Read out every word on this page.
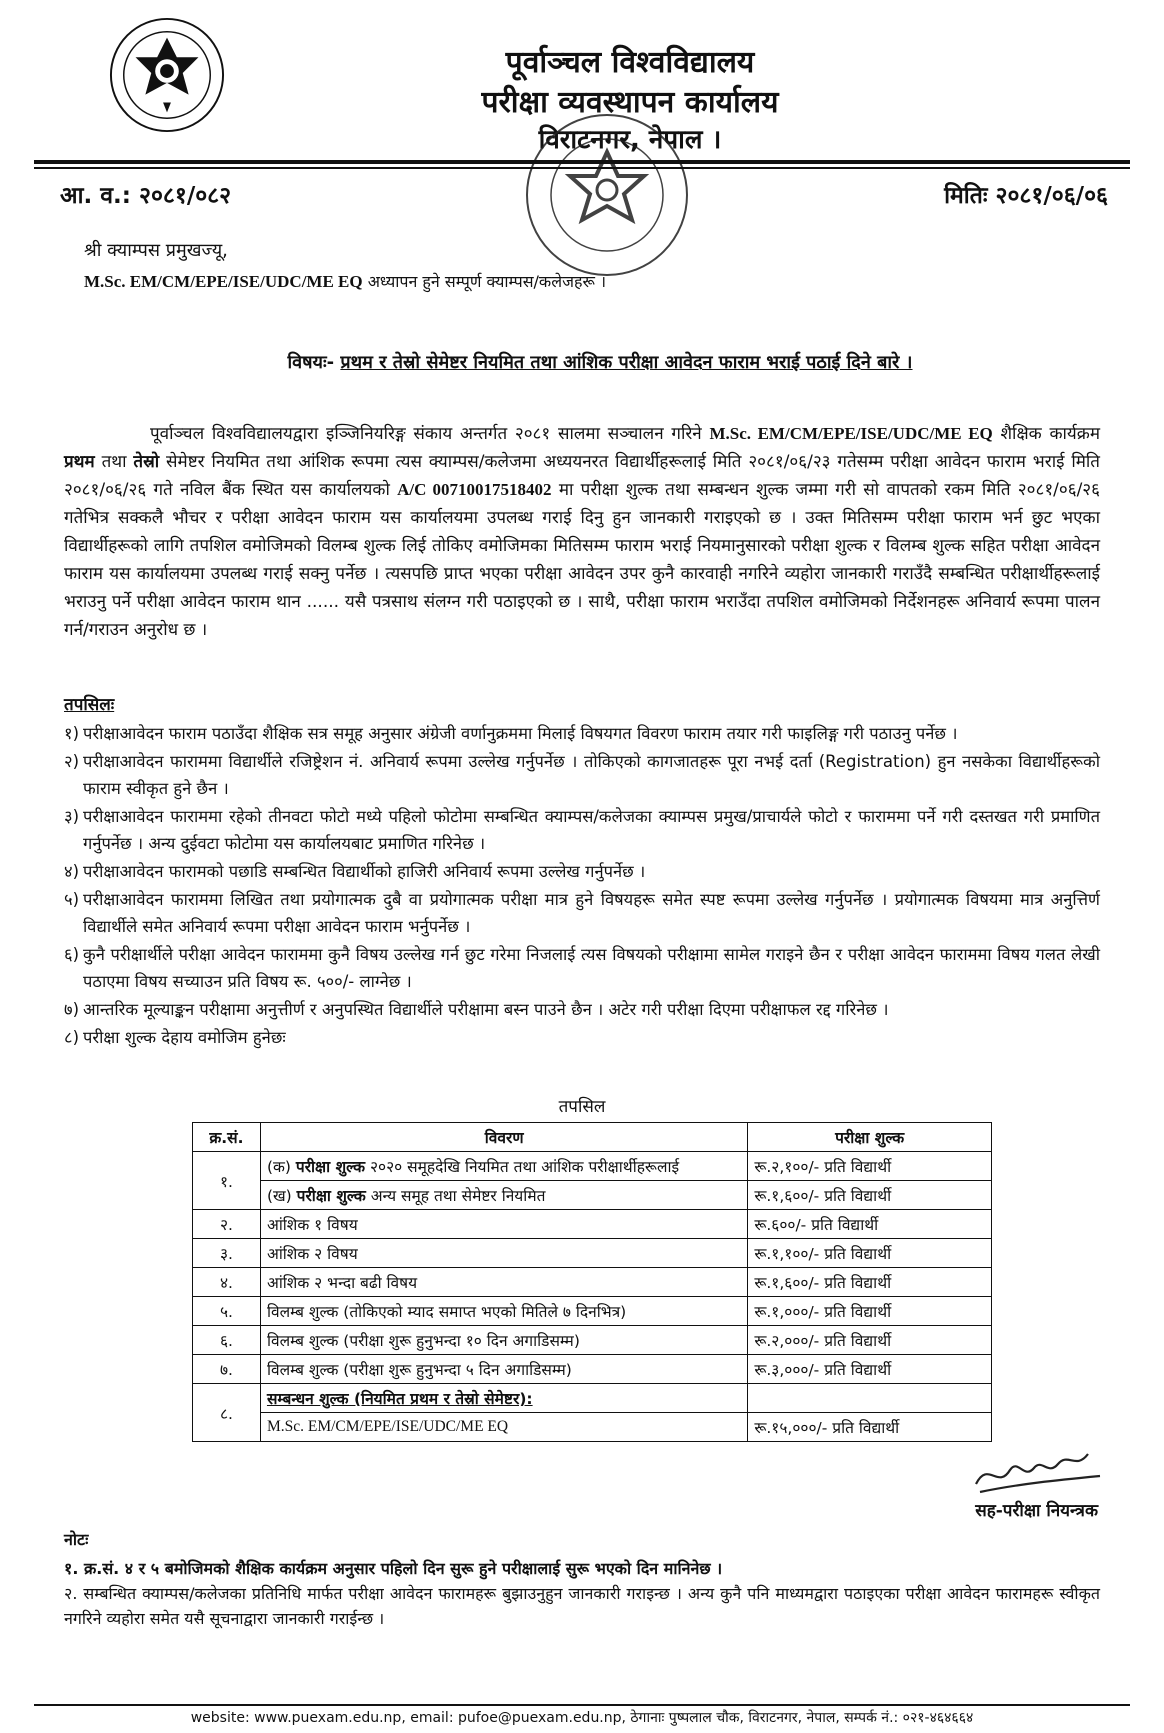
पूर्वाञ्चल विश्वविद्यालय
परीक्षा व्यवस्थापन कार्यालय
विराटनगर, नेपाल ।
आ. व.: २०८१/०८२	मितिः २०८१/०६/०६
श्री क्याम्पस प्रमुखज्यू,
M.Sc. EM/CM/EPE/ISE/UDC/ME EQ अध्यापन हुने सम्पूर्ण क्याम्पस/कलेजहरू ।
विषयः- प्रथम र तेस्रो सेमेष्टर नियमित तथा आंशिक परीक्षा आवेदन फाराम भराई पठाई दिने बारे ।
पूर्वाञ्चल विश्वविद्यालयद्वारा इञ्जिनियरिङ्ग संकाय अन्तर्गत २०८१ सालमा सञ्चालन गरिने M.Sc. EM/CM/EPE/ISE/UDC/ME EQ शैक्षिक कार्यक्रम प्रथम तथा तेस्रो सेमेष्टर नियमित तथा आंशिक रूपमा त्यस क्याम्पस/कलेजमा अध्ययनरत विद्यार्थीहरूलाई मिति २०८१/०६/२३ गतेसम्म परीक्षा आवेदन फाराम भराई मिति २०८१/०६/२६ गते नविल बैंक स्थित यस कार्यालयको A/C 00710017518402 मा परीक्षा शुल्क तथा सम्बन्धन शुल्क जम्मा गरी सो वापतको रकम मिति २०८१/०६/२६ गतेभित्र सक्कलै भौचर र परीक्षा आवेदन फाराम यस कार्यालयमा उपलब्ध गराई दिनु हुन जानकारी गराइएको छ । उक्त मितिसम्म परीक्षा फाराम भर्न छुट भएका विद्यार्थीहरूको लागि तपशिल वमोजिमको विलम्ब शुल्क लिई तोकिए वमोजिमका मितिसम्म फाराम भराई नियमानुसारको परीक्षा शुल्क र विलम्ब शुल्क सहित परीक्षा आवेदन फाराम यस कार्यालयमा उपलब्ध गराई सक्नु पर्नेछ । त्यसपछि प्राप्त भएका परीक्षा आवेदन उपर कुनै कारवाही नगरिने व्यहोरा जानकारी गराउँदै सम्बन्धित परीक्षार्थीहरूलाई भराउनु पर्ने परीक्षा आवेदन फाराम थान ...... यसै पत्रसाथ संलग्न गरी पठाइएको छ । साथै, परीक्षा फाराम भराउँदा तपशिल वमोजिमको निर्देशनहरू अनिवार्य रूपमा पालन गर्न/गराउन अनुरोध छ ।
तपसिलः
१) परीक्षाआवेदन फाराम पठाउँदा शैक्षिक सत्र समूह अनुसार अंग्रेजी वर्णानुक्रममा मिलाई विषयगत विवरण फाराम तयार गरी फाइलिङ्ग गरी पठाउनु पर्नेछ ।
२) परीक्षाआवेदन फाराममा विद्यार्थीले रजिष्ट्रेशन नं. अनिवार्य रूपमा उल्लेख गर्नुपर्नेछ । तोकिएको कागजातहरू पूरा नभई दर्ता (Registration) हुन नसकेका विद्यार्थीहरूको फाराम स्वीकृत हुने छैन ।
३) परीक्षाआवेदन फाराममा रहेको तीनवटा फोटो मध्ये पहिलो फोटोमा सम्बन्धित क्याम्पस/कलेजका क्याम्पस प्रमुख/प्राचार्यले फोटो र फाराममा पर्ने गरी दस्तखत गरी प्रमाणित गर्नुपर्नेछ । अन्य दुईवटा फोटोमा यस कार्यालयबाट प्रमाणित गरिनेछ ।
४) परीक्षाआवेदन फारामको पछाडि सम्बन्धित विद्यार्थीको हाजिरी अनिवार्य रूपमा उल्लेख गर्नुपर्नेछ ।
५) परीक्षाआवेदन फाराममा लिखित तथा प्रयोगात्मक दुबै वा प्रयोगात्मक परीक्षा मात्र हुने विषयहरू समेत स्पष्ट रूपमा उल्लेख गर्नुपर्नेछ । प्रयोगात्मक विषयमा मात्र अनुत्तिर्ण विद्यार्थीले समेत अनिवार्य रूपमा परीक्षा आवेदन फाराम भर्नुपर्नेछ ।
६) कुनै परीक्षार्थीले परीक्षा आवेदन फाराममा कुनै विषय उल्लेख गर्न छुट गरेमा निजलाई त्यस विषयको परीक्षामा सामेल गराइने छैन र परीक्षा आवेदन फाराममा विषय गलत लेखी पठाएमा विषय सच्याउन प्रति विषय रू. ५००/- लाग्नेछ ।
७) आन्तरिक मूल्याङ्कन परीक्षामा अनुत्तीर्ण र अनुपस्थित विद्यार्थीले परीक्षामा बस्न पाउने छैन । अटेर गरी परीक्षा दिएमा परीक्षाफल रद्द गरिनेछ ।
८) परीक्षा शुल्क देहाय वमोजिम हुनेछः
तपसिल
क्र.सं.	विवरण	परीक्षा शुल्क
१.	(क) परीक्षा शुल्क २०२० समूहदेखि नियमित तथा आंशिक परीक्षार्थीहरूलाई	रू.२,१००/- प्रति विद्यार्थी
	(ख) परीक्षा शुल्क अन्य समूह तथा सेमेष्टर नियमित	रू.१,६००/- प्रति विद्यार्थी
२.	आंशिक १ विषय	रू.६००/- प्रति विद्यार्थी
३.	आंशिक २ विषय	रू.१,१००/- प्रति विद्यार्थी
४.	आंशिक २ भन्दा बढी विषय	रू.१,६००/- प्रति विद्यार्थी
५.	विलम्ब शुल्क (तोकिएको म्याद समाप्त भएको मितिले ७ दिनभित्र)	रू.१,०००/- प्रति विद्यार्थी
६.	विलम्ब शुल्क (परीक्षा शुरू हुनुभन्दा १० दिन अगाडिसम्म)	रू.२,०००/- प्रति विद्यार्थी
७.	विलम्ब शुल्क (परीक्षा शुरू हुनुभन्दा ५ दिन अगाडिसम्म)	रू.३,०००/- प्रति विद्यार्थी
८.	सम्बन्धन शुल्क (नियमित प्रथम र तेस्रो सेमेष्टर):	
	M.Sc. EM/CM/EPE/ISE/UDC/ME EQ	रू.१५,०००/- प्रति विद्यार्थी
सह-परीक्षा नियन्त्रक
नोटः
१. क्र.सं. ४ र ५ बमोजिमको शैक्षिक कार्यक्रम अनुसार पहिलो दिन सुरू हुने परीक्षालाई सुरू भएको दिन मानिनेछ ।
२. सम्बन्धित क्याम्पस/कलेजका प्रतिनिधि मार्फत परीक्षा आवेदन फारामहरू बुझाउनुहुन जानकारी गराइन्छ । अन्य कुनै पनि माध्यमद्वारा पठाइएका परीक्षा आवेदन फारामहरू स्वीकृत नगरिने व्यहोरा समेत यसै सूचनाद्वारा जानकारी गराईन्छ ।
website: www.puexam.edu.np, email: pufoe@puexam.edu.np, ठेगानाः पुष्पलाल चौक, विराटनगर, नेपाल, सम्पर्क नं.: ०२१-४६४६६४
